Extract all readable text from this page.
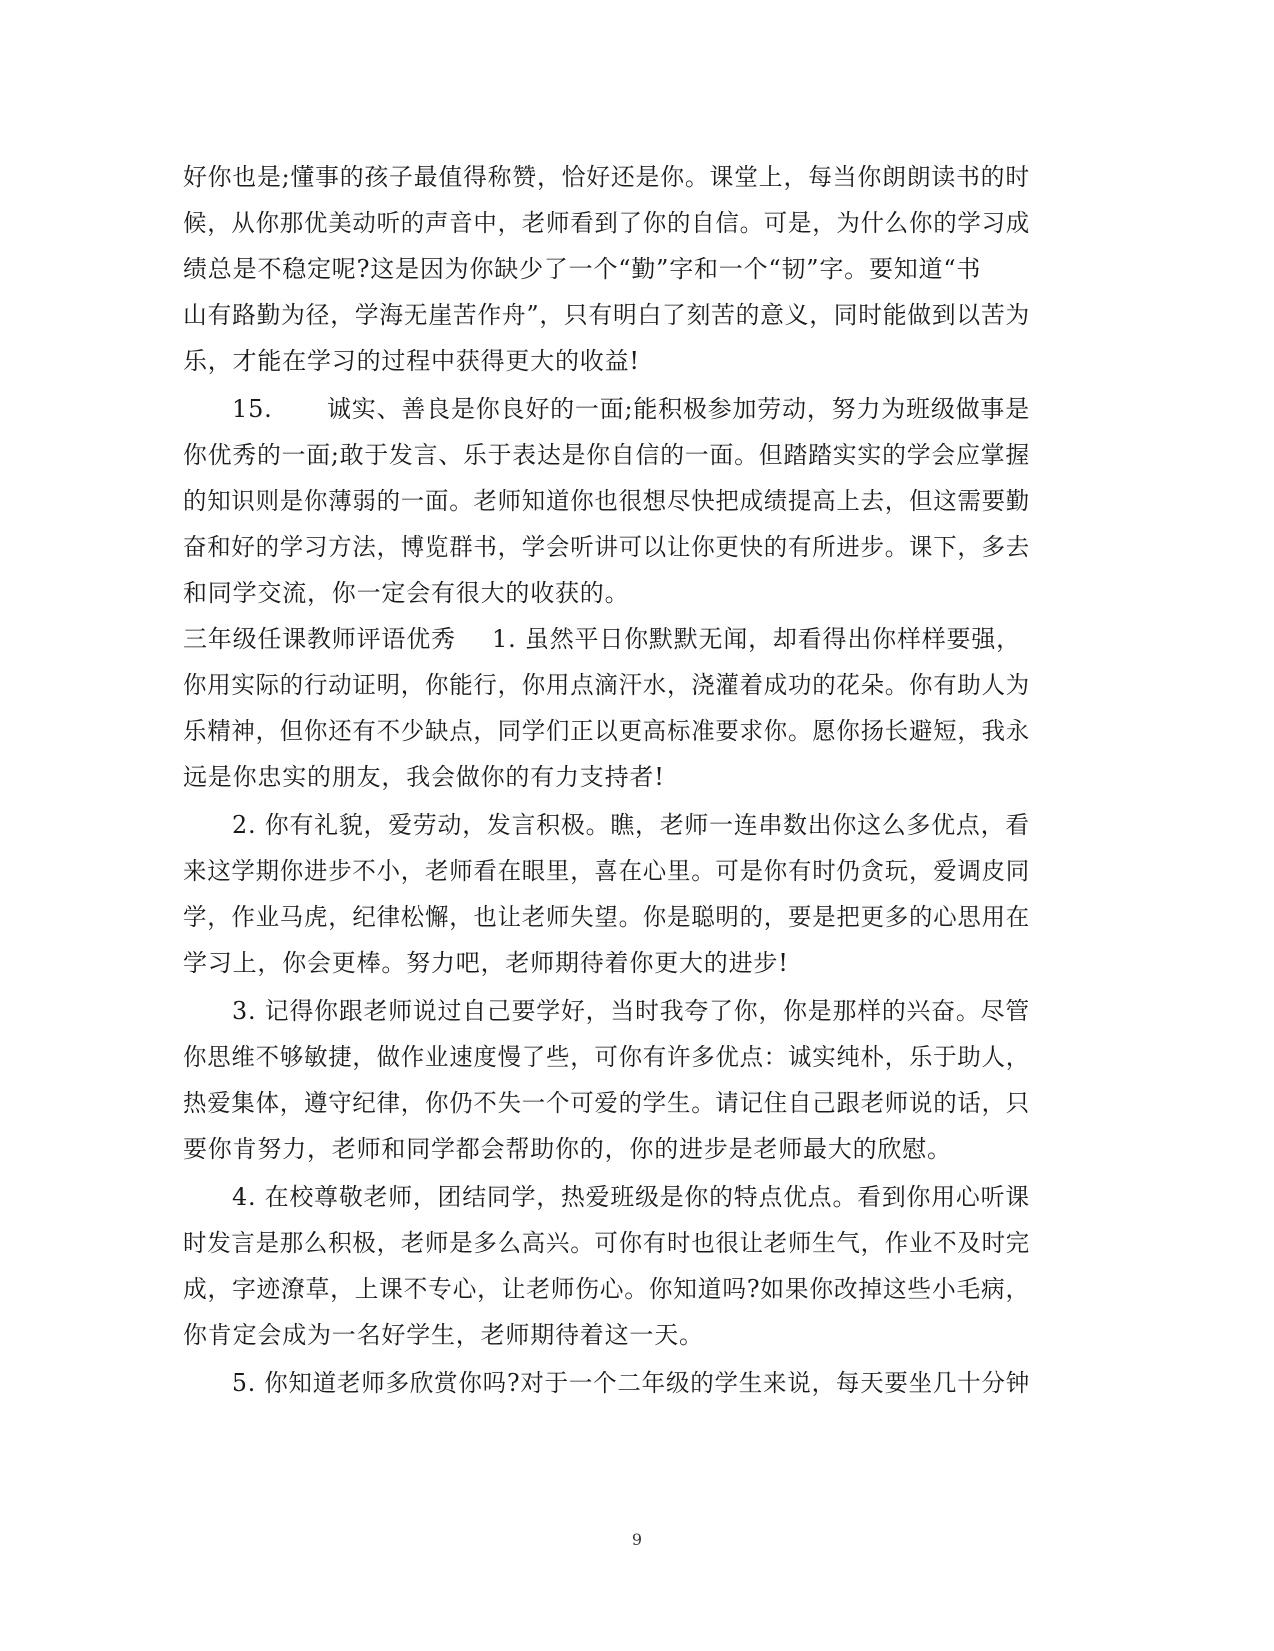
好你也是;懂事的孩子最值得称赞，恰好还是你。课堂上，每当你朗朗读书的时
候，从你那优美动听的声音中，老师看到了你的自信。可是，为什么你的学习成
绩总是不稳定呢?这是因为你缺少了一个“勤”字和一个“韧”字。要知道“书
山有路勤为径，学海无崖苦作舟”，只有明白了刻苦的意义，同时能做到以苦为
乐，才能在学习的过程中获得更大的收益!
15. 诚实、善良是你良好的一面;能积极参加劳动，努力为班级做事是
你优秀的一面;敢于发言、乐于表达是你自信的一面。但踏踏实实的学会应掌握
的知识则是你薄弱的一面。老师知道你也很想尽快把成绩提高上去，但这需要勤
奋和好的学习方法，博览群书，学会听讲可以让你更快的有所进步。课下，多去
和同学交流，你一定会有很大的收获的。
三年级任课教师评语优秀 1. 虽然平日你默默无闻，却看得出你样样要强，
你用实际的行动证明，你能行，你用点滴汗水，浇灌着成功的花朵。你有助人为
乐精神，但你还有不少缺点，同学们正以更高标准要求你。愿你扬长避短，我永
远是你忠实的朋友，我会做你的有力支持者!
2. 你有礼貌，爱劳动，发言积极。瞧，老师一连串数出你这么多优点，看
来这学期你进步不小，老师看在眼里，喜在心里。可是你有时仍贪玩，爱调皮同
学，作业马虎，纪律松懈，也让老师失望。你是聪明的，要是把更多的心思用在
学习上，你会更棒。努力吧，老师期待着你更大的进步!
3. 记得你跟老师说过自己要学好，当时我夸了你，你是那样的兴奋。尽管
你思维不够敏捷，做作业速度慢了些，可你有许多优点：诚实纯朴，乐于助人，
热爱集体，遵守纪律，你仍不失一个可爱的学生。请记住自己跟老师说的话，只
要你肯努力，老师和同学都会帮助你的，你的进步是老师最大的欣慰。
4. 在校尊敬老师，团结同学，热爱班级是你的特点优点。看到你用心听课
时发言是那么积极，老师是多么高兴。可你有时也很让老师生气，作业不及时完
成，字迹潦草，上课不专心，让老师伤心。你知道吗?如果你改掉这些小毛病，
你肯定会成为一名好学生，老师期待着这一天。
5. 你知道老师多欣赏你吗?对于一个二年级的学生来说，每天要坐几十分钟
9
